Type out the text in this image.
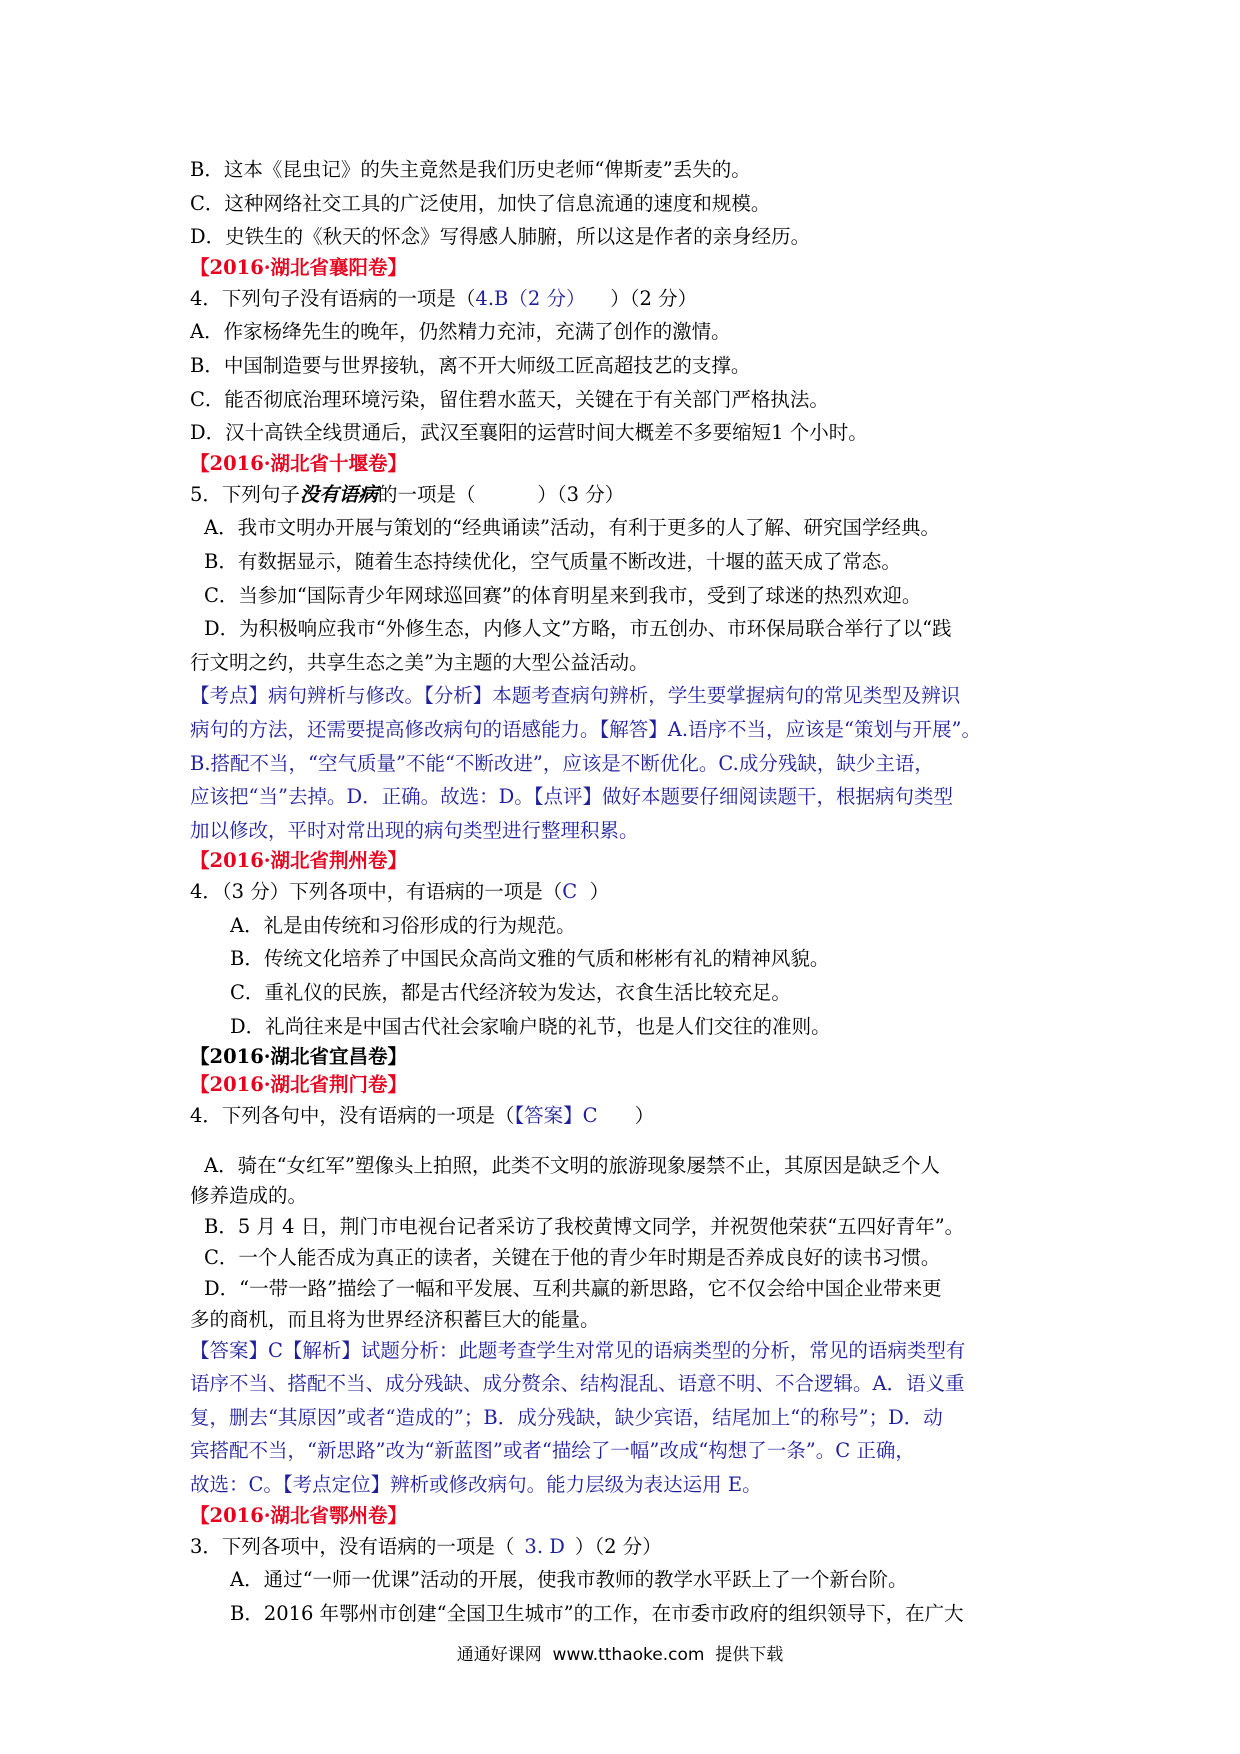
B．这本《昆虫记》的失主竟然是我们历史老师“俾斯麦”丢失的。
C．这种网络社交工具的广泛使用，加快了信息流通的速度和规模。
D．史铁生的《秋天的怀念》写得感人肺腑，所以这是作者的亲身经历。
【2016·湖北省襄阳卷】
4．下列句子没有语病的一项是（4.B（2 分）    ）（2 分）
A．作家杨绛先生的晚年，仍然精力充沛，充满了创作的激情。
B．中国制造要与世界接轨，离不开大师级工匠高超技艺的支撑。
C．能否彻底治理环境污染，留住碧水蓝天，关键在于有关部门严格执法。
D．汉十高铁全线贯通后，武汉至襄阳的运营时间大概差不多要缩短1 个小时。
【2016·湖北省十堰卷】
5．下列句子没有语病的一项是（          ）（3 分）
A．我市文明办开展与策划的“经典诵读”活动，有利于更多的人了解、研究国学经典。
B．有数据显示，随着生态持续优化，空气质量不断改进，十堰的蓝天成了常态。
C．当参加“国际青少年网球巡回赛”的体育明星来到我市，受到了球迷的热烈欢迎。
D．为积极响应我市“外修生态，内修人文”方略，市五创办、市环保局联合举行了以“践
行文明之约，共享生态之美”为主题的大型公益活动。
【考点】病句辨析与修改。【分析】本题考查病句辨析，学生要掌握病句的常见类型及辨识
病句的方法，还需要提高修改病句的语感能力。【解答】A.语序不当，应该是“策划与开展”。
B.搭配不当，“空气质量”不能“不断改进”，应该是不断优化。C.成分残缺，缺少主语，
应该把“当”去掉。D．正确。故选：D。【点评】做好本题要仔细阅读题干，根据病句类型
加以修改，平时对常出现的病句类型进行整理积累。
【2016·湖北省荆州卷】
4．（3 分）下列各项中，有语病的一项是（C  ）
A．礼是由传统和习俗形成的行为规范。
B．传统文化培养了中国民众高尚文雅的气质和彬彬有礼的精神风貌。
C．重礼仪的民族，都是古代经济较为发达，衣食生活比较充足。
D．礼尚往来是中国古代社会家喻户晓的礼节，也是人们交往的准则。
【2016·湖北省宜昌卷】
【2016·湖北省荆门卷】
4．下列各句中，没有语病的一项是（【答案】C      ）
A．骑在“女红军”塑像头上拍照，此类不文明的旅游现象屡禁不止，其原因是缺乏个人
修养造成的。
B．5 月 4 日，荆门市电视台记者采访了我校黄博文同学，并祝贺他荣获“五四好青年”。
C．一个人能否成为真正的读者，关键在于他的青少年时期是否养成良好的读书习惯。
D．“一带一路”描绘了一幅和平发展、互利共赢的新思路，它不仅会给中国企业带来更
多的商机，而且将为世界经济积蓄巨大的能量。
【答案】C【解析】试题分析：此题考查学生对常见的语病类型的分析，常见的语病类型有
语序不当、搭配不当、成分残缺、成分赘余、结构混乱、语意不明、不合逻辑。A．语义重
复，删去“其原因”或者“造成的”；B．成分残缺，缺少宾语，结尾加上“的称号”；D．动
宾搭配不当，“新思路”改为“新蓝图”或者“描绘了一幅”改成“构想了一条”。C 正确，
故选：C。【考点定位】辨析或修改病句。能力层级为表达运用 E。
【2016·湖北省鄂州卷】
3．下列各项中，没有语病的一项是（ 3. D ）（2 分）
A．通过“一师一优课”活动的开展，使我市教师的教学水平跃上了一个新台阶。
B．2016 年鄂州市创建“全国卫生城市”的工作，在市委市政府的组织领导下，在广大
通通好课网  www.tthaoke.com  提供下载
